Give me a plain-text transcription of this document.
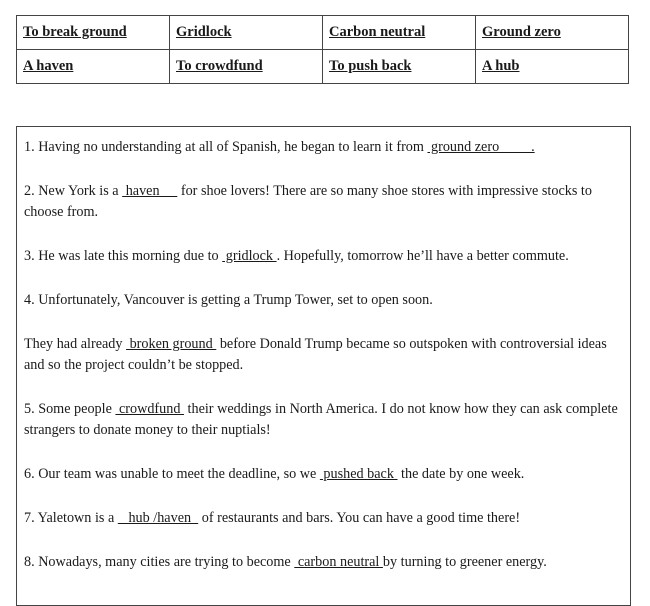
To break ground	Gridlock	Carbon neutral	Ground zero
A haven	To crowdfund	To push back	A hub

1. Having no understanding at all of Spanish, he began to learn it from  ground zero         .

2. New York is a  haven      for shoe lovers! There are so many shoe stores with impressive stocks to choose from.

3. He was late this morning due to  gridlock . Hopefully, tomorrow he’ll have a better commute.

4. Unfortunately, Vancouver is getting a Trump Tower, set to open soon.

They had already  broken ground  before Donald Trump became so outspoken with controversial ideas and so the project couldn’t be stopped.

5. Some people  crowdfund  their weddings in North America. I do not know how they can ask complete strangers to donate money to their nuptials!

6. Our team was unable to meet the deadline, so we  pushed back  the date by one week.

7. Yaletown is a    hub /haven   of restaurants and bars. You can have a good time there!

8. Nowadays, many cities are trying to become  carbon neutral by turning to greener energy.
